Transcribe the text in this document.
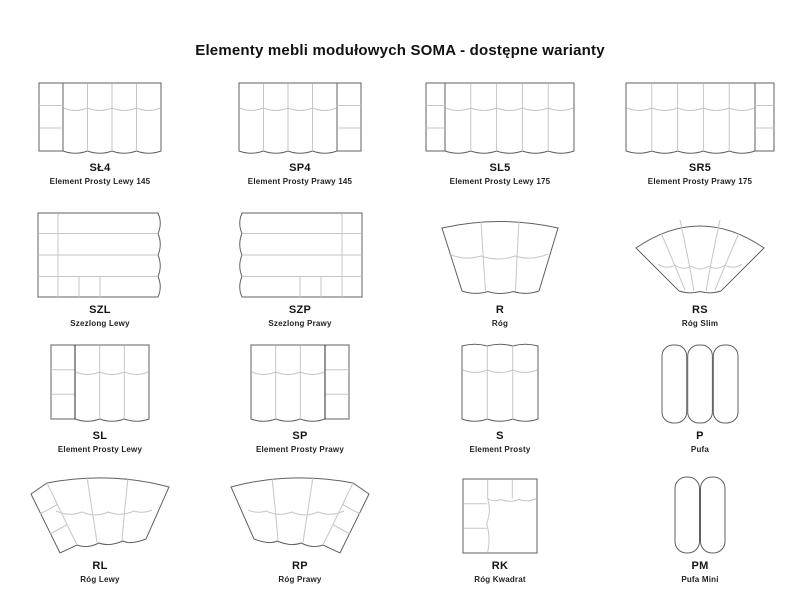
Elementy mebli modułowych SOMA - dostępne warianty
SŁ4
Element Prosty Lewy 145
SP4
Element Prosty Prawy 145
SL5
Element Prosty Lewy 175
SR5
Element Prosty Prawy 175
SZL
Szezlong Lewy
SZP
Szezlong Prawy
R
Róg
RS
Róg Slim
SL
Element Prosty Lewy
SP
Element Prosty Prawy
S
Element Prosty
P
Pufa
RL
Róg Lewy
RP
Róg Prawy
RK
Róg Kwadrat
PM
Pufa Mini
